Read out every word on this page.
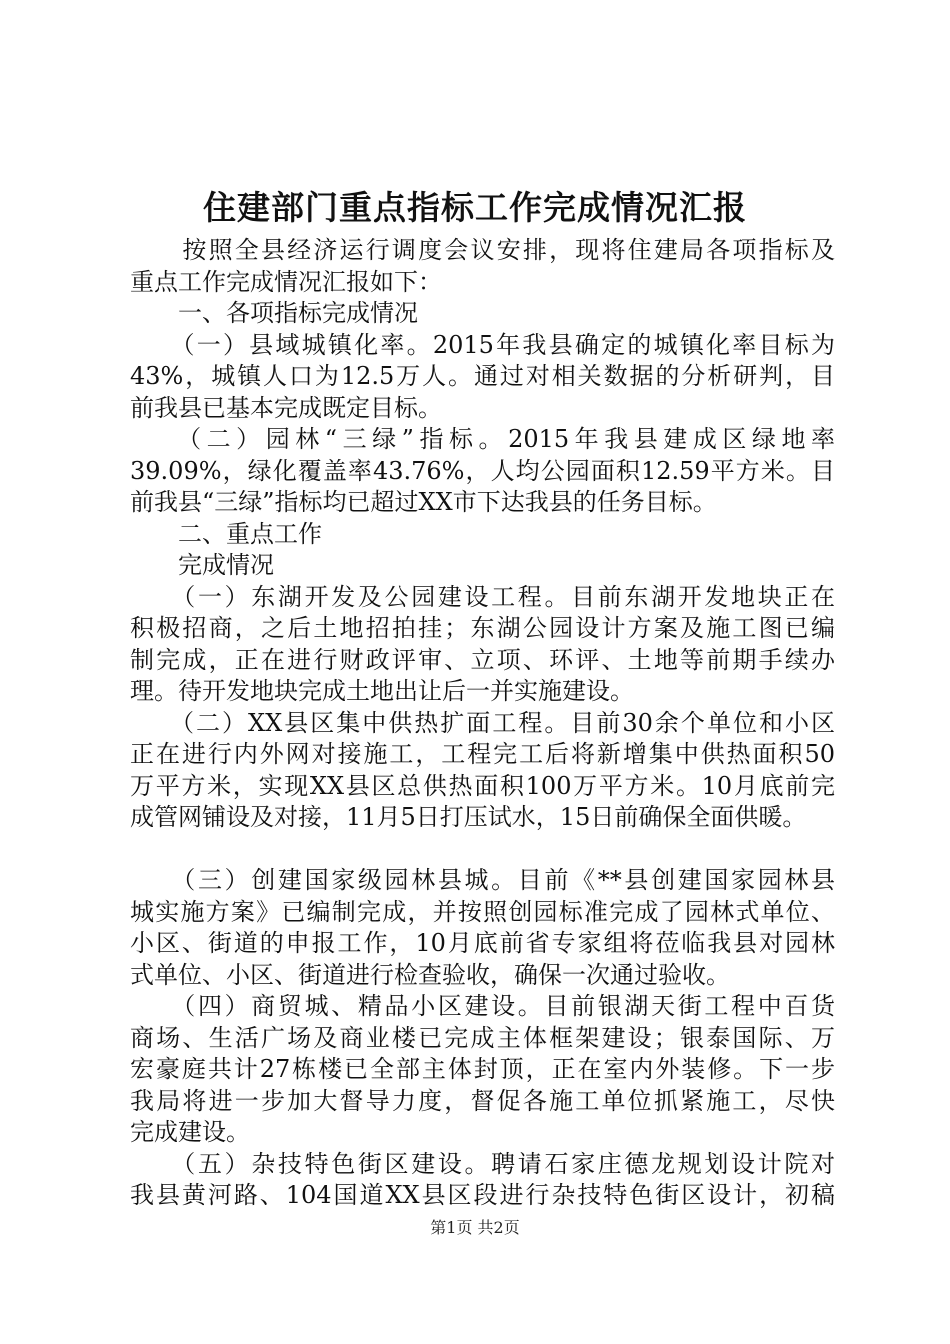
住建部门重点指标工作完成情况汇报
　　按照全县经济运行调度会议安排，现将住建局各项指标及
重点工作完成情况汇报如下：
　　一、各项指标完成情况
　　（一）县域城镇化率。2015年我县确定的城镇化率目标为
43%，城镇人口为12.5万人。通过对相关数据的分析研判，目
前我县已基本完成既定目标。
　　（二）园林“三绿”指标。2015年我县建成区绿地率
39.09%，绿化覆盖率43.76%，人均公园面积12.59平方米。目
前我县“三绿”指标均已超过XX市下达我县的任务目标。
　　二、重点工作
　　完成情况
　　（一）东湖开发及公园建设工程。目前东湖开发地块正在
积极招商，之后土地招拍挂；东湖公园设计方案及施工图已编
制完成，正在进行财政评审、立项、环评、土地等前期手续办
理。待开发地块完成土地出让后一并实施建设。
　　（二）XX县区集中供热扩面工程。目前30余个单位和小区
正在进行内外网对接施工，工程完工后将新增集中供热面积50
万平方米，实现XX县区总供热面积100万平方米。10月底前完
成管网铺设及对接，11月5日打压试水，15日前确保全面供暖。
　　（三）创建国家级园林县城。目前《**县创建国家园林县
城实施方案》已编制完成，并按照创园标准完成了园林式单位、
小区、街道的申报工作，10月底前省专家组将莅临我县对园林
式单位、小区、街道进行检查验收，确保一次通过验收。
　　（四）商贸城、精品小区建设。目前银湖天街工程中百货
商场、生活广场及商业楼已完成主体框架建设；银泰国际、万
宏豪庭共计27栋楼已全部主体封顶，正在室内外装修。下一步
我局将进一步加大督导力度，督促各施工单位抓紧施工，尽快
完成建设。
　　（五）杂技特色街区建设。聘请石家庄德龙规划设计院对
我县黄河路、104国道XX县区段进行杂技特色街区设计，初稿
第1页 共2页
